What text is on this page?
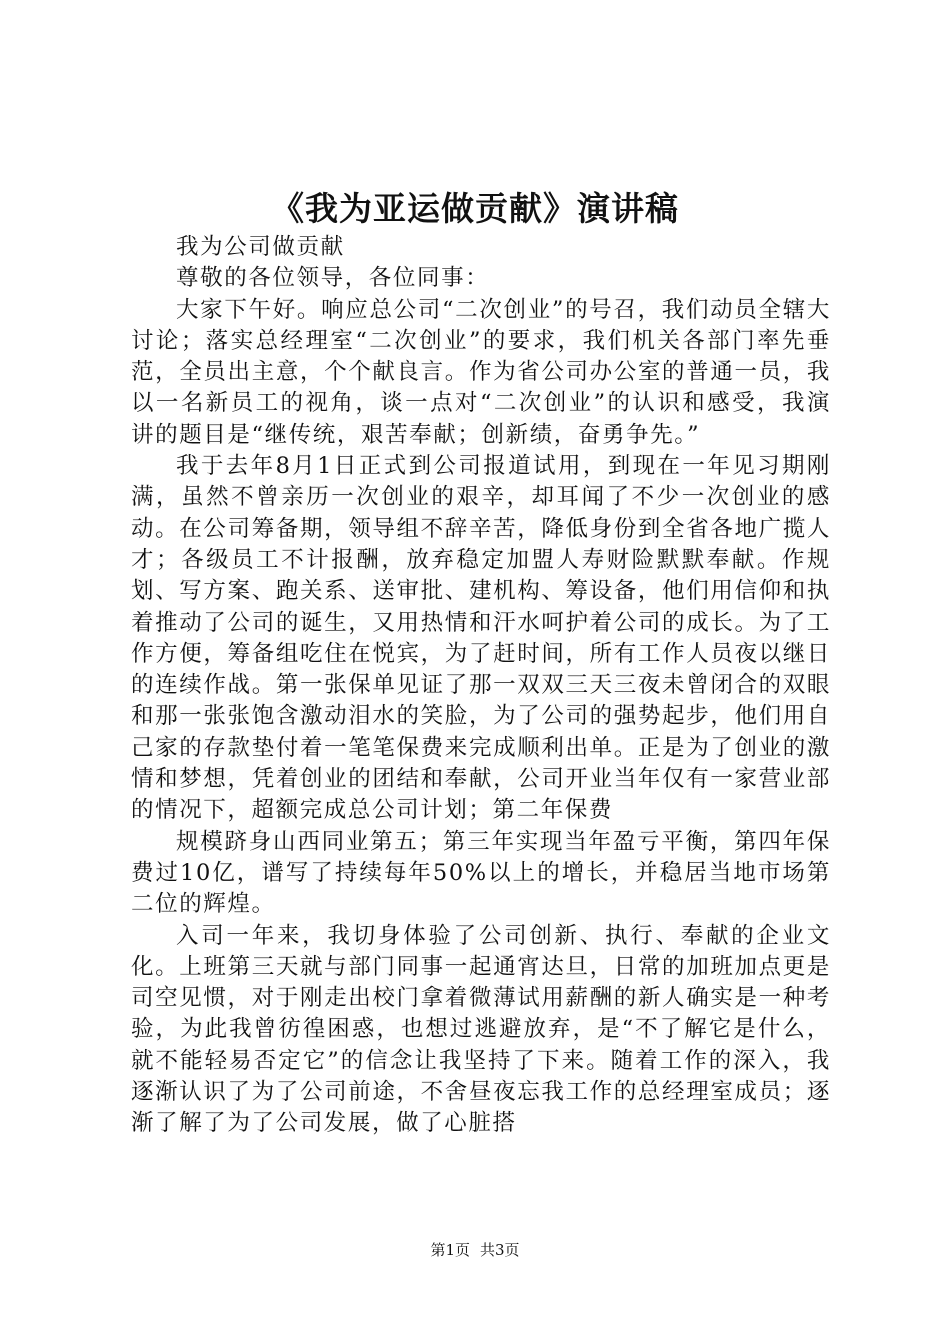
《我为亚运做贡献》演讲稿

我为公司做贡献

尊敬的各位领导，各位同事：

大家下午好。响应总公司“二次创业”的号召，我们动员全辖大讨论；落实总经理室“二次创业”的要求，我们机关各部门率先垂范，全员出主意，个个献良言。作为省公司办公室的普通一员，我以一名新员工的视角，谈一点对“二次创业”的认识和感受，我演讲的题目是“继传统，艰苦奉献；创新绩，奋勇争先。”

我于去年8月1日正式到公司报道试用，到现在一年见习期刚满，虽然不曾亲历一次创业的艰辛，却耳闻了不少一次创业的感动。在公司筹备期，领导组不辞辛苦，降低身份到全省各地广揽人才；各级员工不计报酬，放弃稳定加盟人寿财险默默奉献。作规划、写方案、跑关系、送审批、建机构、筹设备，他们用信仰和执着推动了公司的诞生，又用热情和汗水呵护着公司的成长。为了工作方便，筹备组吃住在悦宾，为了赶时间，所有工作人员夜以继日的连续作战。第一张保单见证了那一双双三天三夜未曾闭合的双眼和那一张张饱含激动泪水的笑脸，为了公司的强势起步，他们用自己家的存款垫付着一笔笔保费来完成顺利出单。正是为了创业的激情和梦想，凭着创业的团结和奉献，公司开业当年仅有一家营业部的情况下，超额完成总公司计划；第二年保费

规模跻身山西同业第五；第三年实现当年盈亏平衡，第四年保费过10亿，谱写了持续每年50%以上的增长，并稳居当地市场第二位的辉煌。

入司一年来，我切身体验了公司创新、执行、奉献的企业文化。上班第三天就与部门同事一起通宵达旦，日常的加班加点更是司空见惯，对于刚走出校门拿着微薄试用薪酬的新人确实是一种考验，为此我曾彷徨困惑，也想过逃避放弃，是“不了解它是什么，就不能轻易否定它”的信念让我坚持了下来。随着工作的深入，我逐渐认识了为了公司前途，不舍昼夜忘我工作的总经理室成员；逐渐了解了为了公司发展，做了心脏搭

第1页 共3页
